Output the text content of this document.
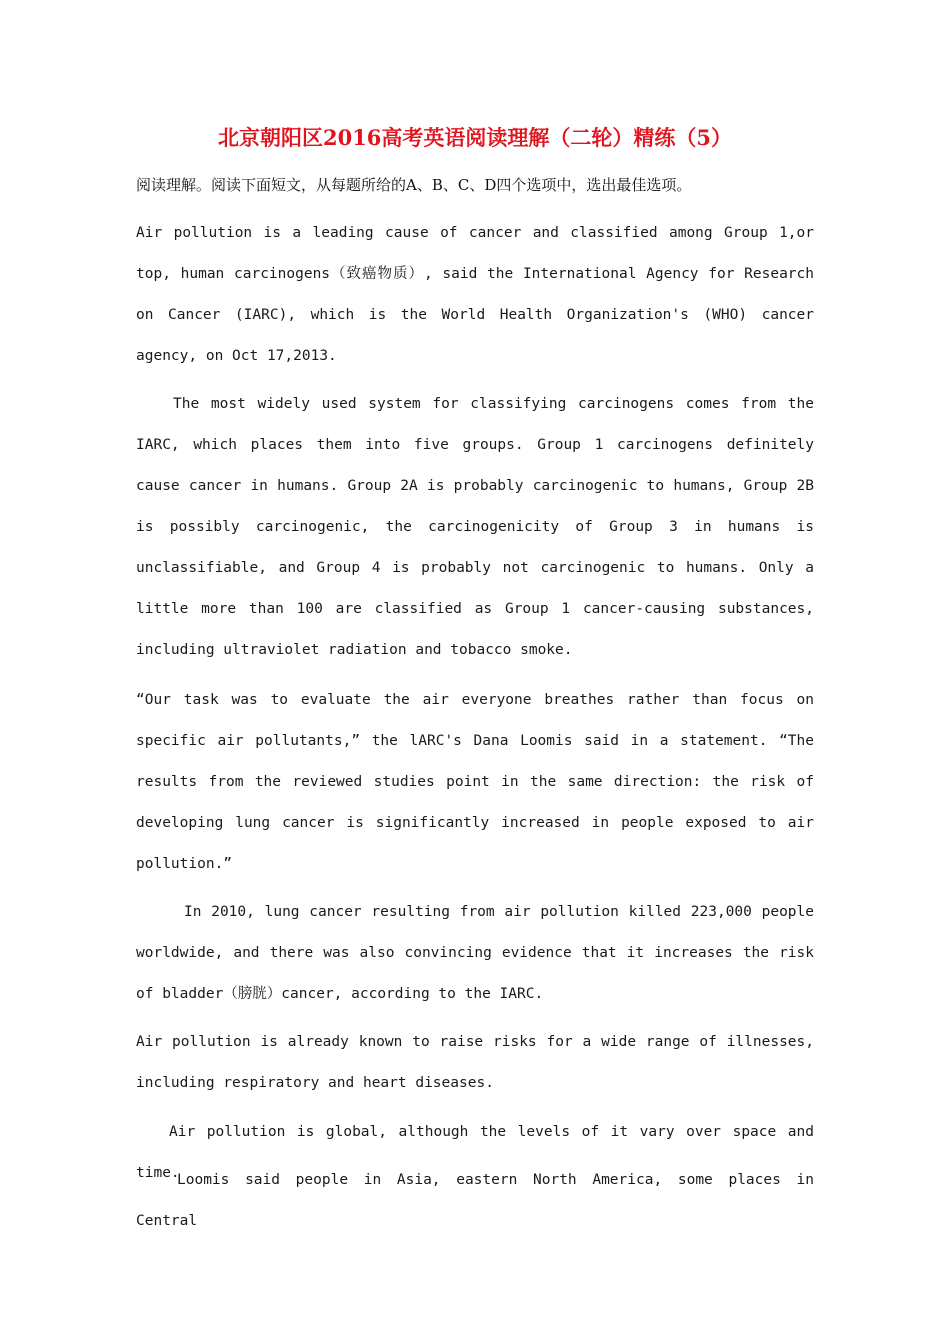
北京朝阳区2016高考英语阅读理解（二轮）精练（5）
阅读理解。阅读下面短文，从每题所给的A、B、C、D四个选项中，选出最佳选项。

Air pollution is a leading cause of cancer and classified among Group 1,or top, human carcinogens（致癌物质）, said the International Agency for Research on Cancer (IARC), which is the World Health Organization's (WHO) cancer agency, on Oct 17,2013.

The most widely used system for classifying carcinogens comes from the IARC, which places them into five groups. Group 1 carcinogens definitely cause cancer in humans. Group 2A is probably carcinogenic to humans, Group 2B is possibly carcinogenic, the carcinogenicity of Group 3 in humans is unclassifiable, and Group 4 is probably not carcinogenic to humans. Only a little more than 100 are classified as Group 1 cancer-causing substances, including ultraviolet radiation and tobacco smoke.

“Our task was to evaluate the air everyone breathes rather than focus on specific air pollutants,” the lARC's Dana Loomis said in a statement. “The results from the reviewed studies point in the same direction: the risk of developing lung cancer is significantly increased in people exposed to air pollution.”

In 2010, lung cancer resulting from air pollution killed 223,000 people worldwide, and there was also convincing evidence that it increases the risk of bladder（膀胱）cancer, according to the IARC.

Air pollution is already known to raise risks for a wide range of illnesses, including respiratory and heart diseases.

Air pollution is global, although the levels of it vary over space and time.

Loomis said people in Asia, eastern North America, some places in Central
